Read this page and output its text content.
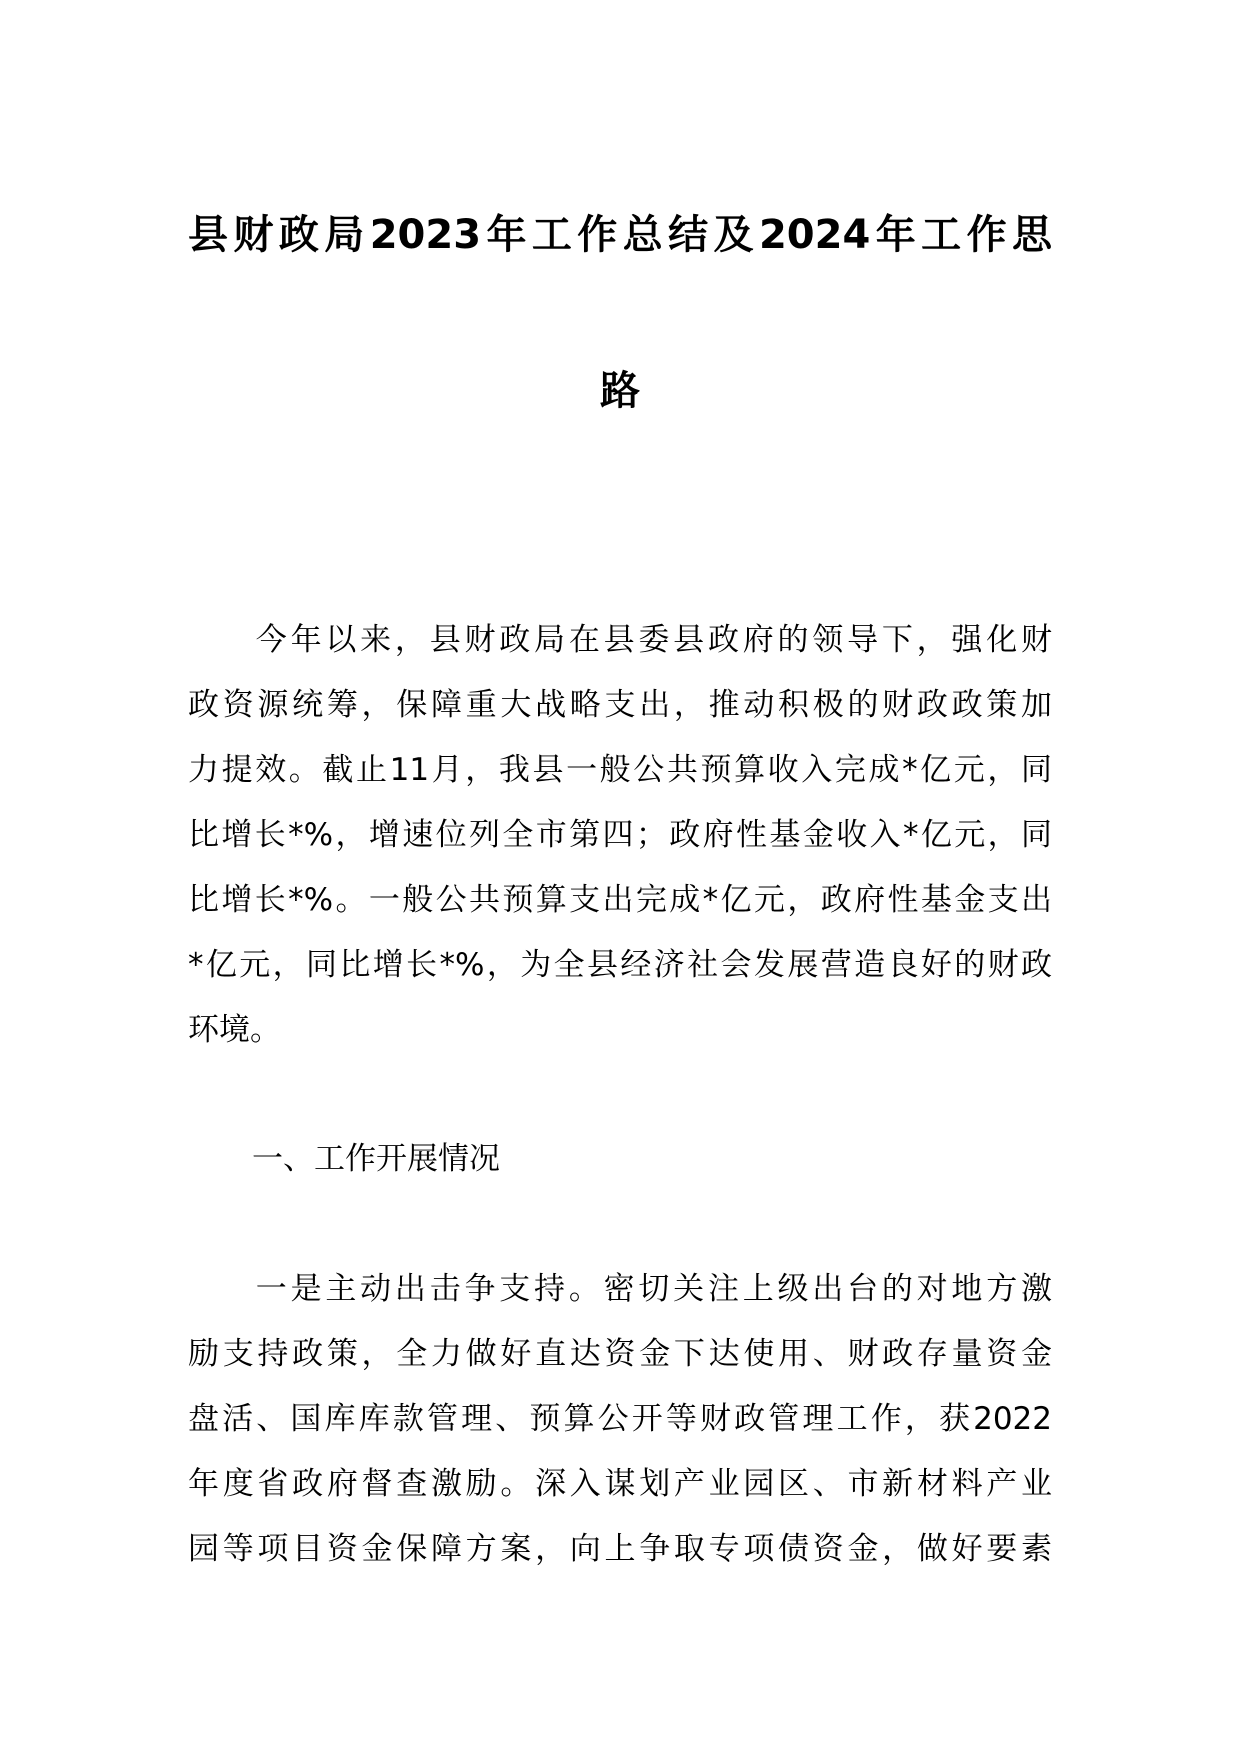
县财政局2023年工作总结及2024年工作思
路
今年以来，县财政局在县委县政府的领导下，强化财
政资源统筹，保障重大战略支出，推动积极的财政政策加
力提效。截止11月，我县一般公共预算收入完成*亿元，同
比增长*%，增速位列全市第四；政府性基金收入*亿元，同
比增长*%。一般公共预算支出完成*亿元，政府性基金支出
*亿元，同比增长*%，为全县经济社会发展营造良好的财政
环境。
一、工作开展情况
一是主动出击争支持。密切关注上级出台的对地方激
励支持政策，全力做好直达资金下达使用、财政存量资金
盘活、国库库款管理、预算公开等财政管理工作，获2022
年度省政府督查激励。深入谋划产业园区、市新材料产业
园等项目资金保障方案，向上争取专项债资金，做好要素
